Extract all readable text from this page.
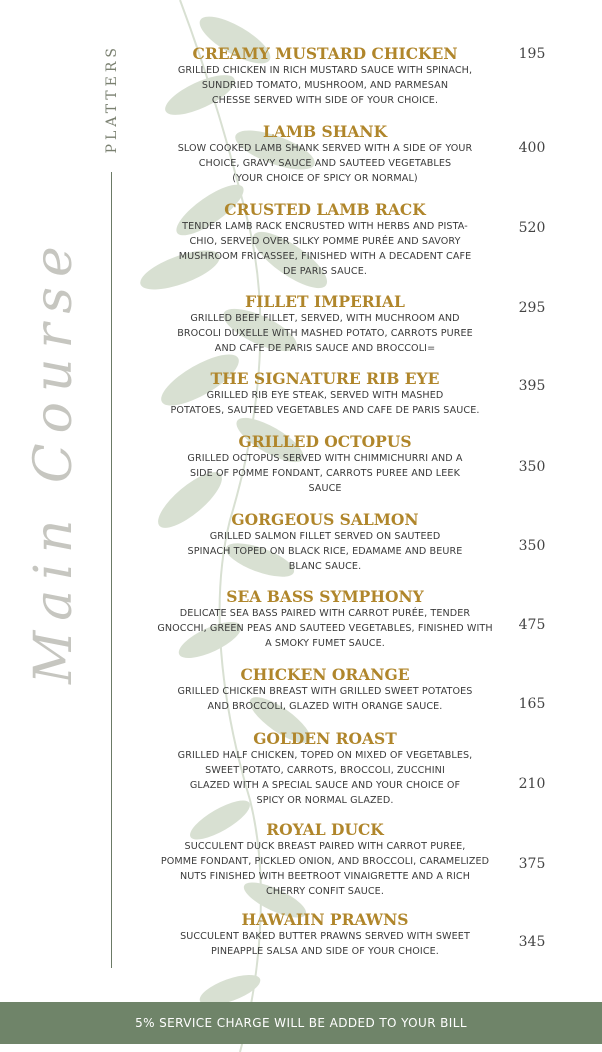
PLATTERS
Main Course
CREAMY MUSTARD CHICKEN
GRILLED CHICKEN IN RICH MUSTARD SAUCE WITH SPINACH,
SUNDRIED TOMATO, MUSHROOM, AND PARMESAN
CHESSE SERVED WITH SIDE OF YOUR CHOICE.
195
LAMB SHANK
SLOW COOKED LAMB SHANK SERVED WITH A SIDE OF YOUR
CHOICE, GRAVY SAUCE AND SAUTEED VEGETABLES
(YOUR CHOICE OF SPICY OR NORMAL)
400
CRUSTED LAMB RACK
TENDER LAMB RACK ENCRUSTED WITH HERBS AND PISTA-
CHIO, SERVED OVER SILKY POMME PURÉE AND SAVORY
MUSHROOM FRICASSEE, FINISHED WITH A DECADENT CAFE
DE PARIS SAUCE.
520
FILLET IMPERIAL
GRILLED BEEF FILLET, SERVED, WITH MUCHROOM AND
BROCOLI DUXELLE WITH MASHED POTATO, CARROTS PUREE
AND CAFE DE PARIS SAUCE AND BROCCOLI=
295
THE SIGNATURE RIB EYE
GRILLED RIB EYE STEAK, SERVED WITH MASHED
POTATOES, SAUTEED VEGETABLES AND CAFE DE PARIS SAUCE.
395
GRILLED OCTOPUS
GRILLED OCTOPUS SERVED WITH CHIMMICHURRI AND A
SIDE OF POMME FONDANT, CARROTS PUREE AND LEEK
SAUCE
350
GORGEOUS SALMON
GRILLED SALMON FILLET SERVED ON SAUTEED
SPINACH TOPED ON BLACK RICE, EDAMAME AND BEURE
BLANC SAUCE.
350
SEA BASS SYMPHONY
DELICATE SEA BASS PAIRED WITH CARROT PURÉE, TENDER
GNOCCHI, GREEN PEAS AND SAUTEED VEGETABLES, FINISHED WITH
A SMOKY FUMET SAUCE.
475
CHICKEN ORANGE
GRILLED CHICKEN BREAST WITH GRILLED SWEET POTATOES
AND BROCCOLI, GLAZED WITH ORANGE SAUCE.	165
GOLDEN ROAST
GRILLED HALF CHICKEN, TOPED ON MIXED OF VEGETABLES,
SWEET POTATO, CARROTS, BROCCOLI, ZUCCHINI
GLAZED WITH A SPECIAL SAUCE AND YOUR CHOICE OF
SPICY OR NORMAL GLAZED.
210
ROYAL DUCK
SUCCULENT DUCK BREAST PAIRED WITH CARROT PUREE,
POMME FONDANT, PICKLED ONION, AND BROCCOLI, CARAMELIZED
NUTS FINISHED WITH BEETROOT VINAIGRETTE AND A RICH
CHERRY CONFIT SAUCE.
375
HAWAIIN PRAWNS
SUCCULENT BAKED BUTTER PRAWNS SERVED WITH SWEET
PINEAPPLE SALSA AND SIDE OF YOUR CHOICE.
345
5% SERVICE CHARGE WILL BE ADDED TO YOUR BILL
